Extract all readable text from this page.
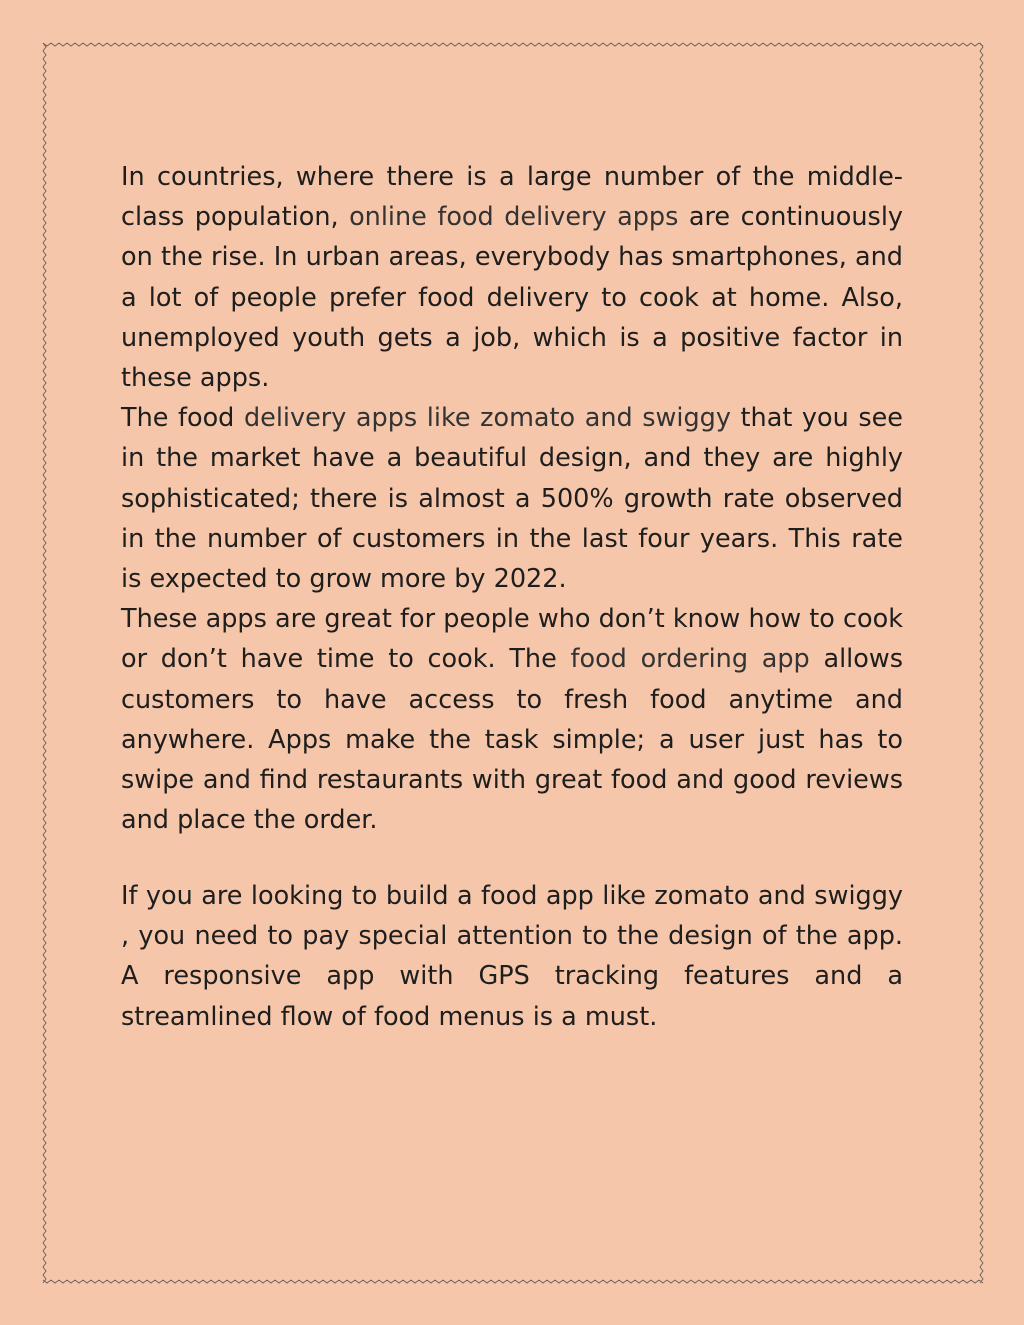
In countries, where there is a large number of the middle-class population, online food delivery apps are continuously on the rise. In urban areas, everybody has smartphones, and a lot of people prefer food delivery to cook at home. Also, unemployed youth gets a job, which is a positive factor in these apps.

The food delivery apps like zomato and swiggy that you see in the market have a beautiful design, and they are highly sophisticated; there is almost a 500% growth rate observed in the number of customers in the last four years. This rate is expected to grow more by 2022.

These apps are great for people who don’t know how to cook or don’t have time to cook. The food ordering app allows customers to have access to fresh food anytime and anywhere. Apps make the task simple; a user just has to swipe and find restaurants with great food and good reviews and place the order.

If you are looking to build a food app like zomato and swiggy , you need to pay special attention to the design of the app. A responsive app with GPS tracking features and a streamlined flow of food menus is a must.
